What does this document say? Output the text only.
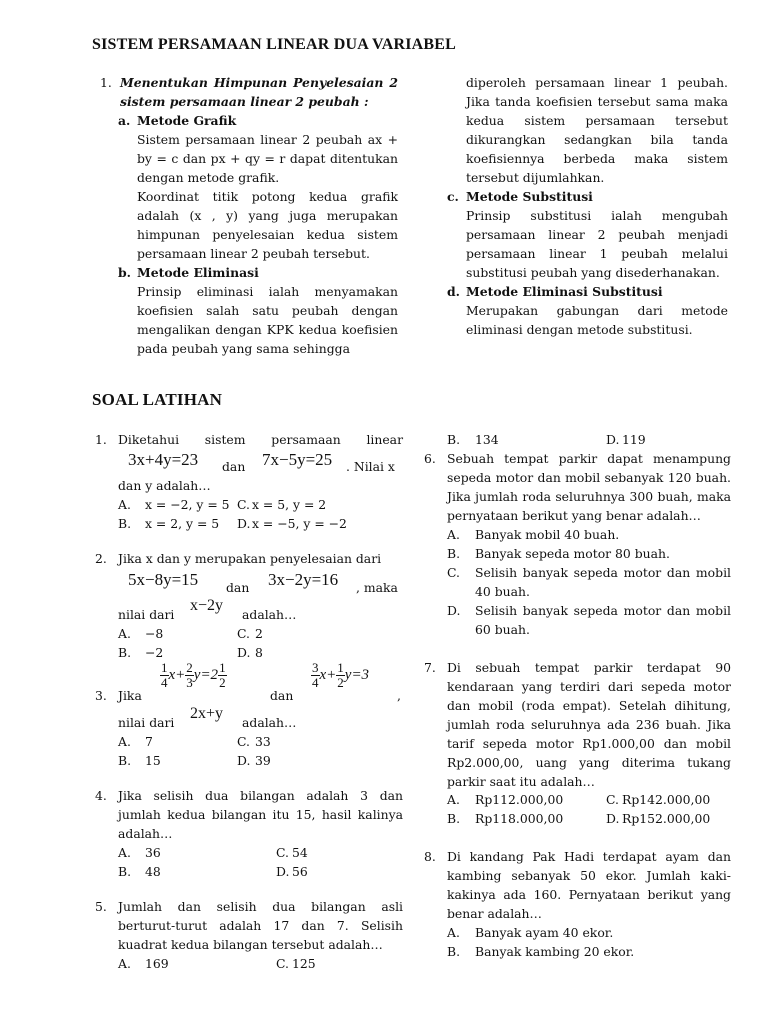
SISTEM PERSAMAAN LINEAR DUA VARIABEL
1. Menentukan Himpunan Penyelesaian 2 sistem persamaan linear 2 peubah :
a. Metode Grafik
Sistem persamaan linear 2 peubah ax + by = c dan px + qy = r dapat ditentukan dengan metode grafik.
Koordinat titik potong kedua grafik adalah (x , y) yang juga merupakan himpunan penyelesaian kedua sistem persamaan linear 2 peubah tersebut.
b. Metode Eliminasi
Prinsip eliminasi ialah menyamakan koefisien salah satu peubah dengan mengalikan dengan KPK kedua koefisien pada peubah yang sama sehingga
diperoleh persamaan linear 1 peubah. Jika tanda koefisien tersebut sama maka kedua sistem persamaan tersebut dikurangkan sedangkan bila tanda koefisiennya berbeda maka sistem tersebut dijumlahkan.
c. Metode Substitusi
Prinsip substitusi ialah mengubah persamaan linear 2 peubah menjadi persamaan linear 1 peubah melalui substitusi peubah yang disederhanakan.
d. Metode Eliminasi Substitusi
Merupakan gabungan dari metode eliminasi dengan metode substitusi.
SOAL LATIHAN
1. Diketahui sistem persamaan linear
3x+4y=23 dan 7x−5y=25 . Nilai x
dan y adalah…
A. x = −2, y = 5 C. x = 5, y = 2
B. x = 2, y = 5 D. x = −5, y = −2
2. Jika x dan y merupakan penyelesaian dari
5x−8y=15 dan 3x−2y=16 , maka
nilai dari
x−2y
adalah…
A. −8	C. 2
B. −2	D. 8
3. Jika
$\frac{1}{4} x+ \frac{2}{3} y=2 \frac{1}{2}$
dan
$\frac{3}{4} x+ \frac{1}{2} y=3$
,
nilai dari
2x+y
adalah…
A. 7	C. 33
B. 15	D. 39
4. Jika selisih dua bilangan adalah 3 dan jumlah kedua bilangan itu 15, hasil kalinya adalah…
A. 36	C. 54
B. 48	D. 56
5. Jumlah dan selisih dua bilangan asli berturut-turut adalah 17 dan 7. Selisih kuadrat kedua bilangan tersebut adalah…
A. 169	C. 125
B. 134	D. 119
6. Sebuah tempat parkir dapat menampung sepeda motor dan mobil sebanyak 120 buah. Jika jumlah roda seluruhnya 300 buah, maka pernyataan berikut yang benar adalah…
A. Banyak mobil 40 buah.
B. Banyak sepeda motor 80 buah.
C. Selisih banyak sepeda motor dan mobil 40 buah.
D. Selisih banyak sepeda motor dan mobil 60 buah.
7. Di sebuah tempat parkir terdapat 90 kendaraan yang terdiri dari sepeda motor dan mobil (roda empat). Setelah dihitung, jumlah roda seluruhnya ada 236 buah. Jika tarif sepeda motor Rp1.000,00 dan mobil Rp2.000,00, uang yang diterima tukang parkir saat itu adalah…
A. Rp112.000,00	C. Rp142.000,00
B. Rp118.000,00	D. Rp152.000,00
8. Di kandang Pak Hadi terdapat ayam dan kambing sebanyak 50 ekor. Jumlah kaki-kakinya ada 160. Pernyataan berikut yang benar adalah…
A. Banyak ayam 40 ekor.
B. Banyak kambing 20 ekor.
